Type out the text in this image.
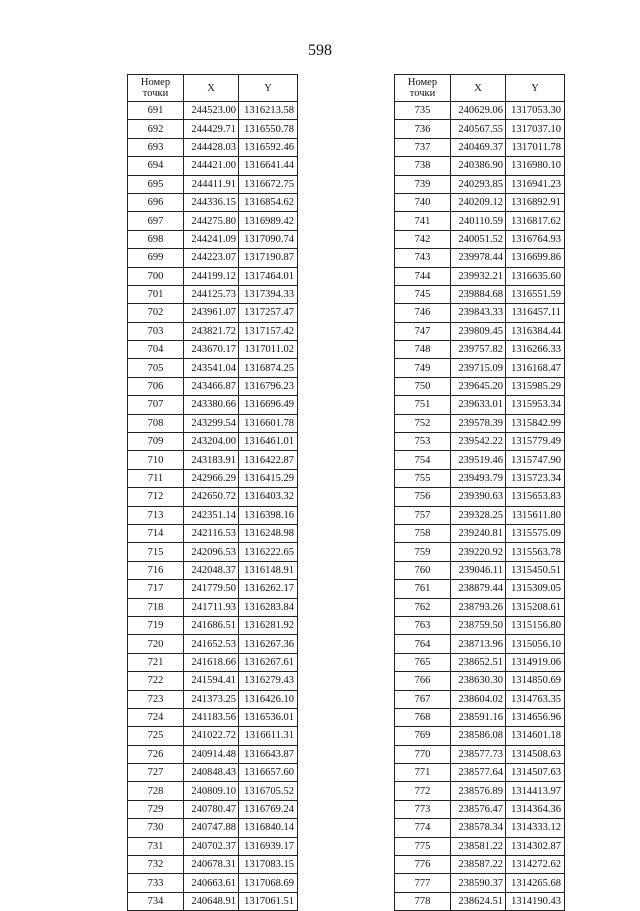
598
Номер
точки	X	Y
691	244523.00	1316213.58
692	244429.71	1316550.78
693	244428.03	1316592.46
694	244421.00	1316641.44
695	244411.91	1316672.75
696	244336.15	1316854.62
697	244275.80	1316989.42
698	244241.09	1317090.74
699	244223.07	1317190.87
700	244199.12	1317464.01
701	244125.73	1317394.33
702	243961.07	1317257.47
703	243821.72	1317157.42
704	243670.17	1317011.02
705	243541.04	1316874.25
706	243466.87	1316796.23
707	243380.66	1316696.49
708	243299.54	1316601.78
709	243204.00	1316461.01
710	243183.91	1316422.87
711	242966.29	1316415.29
712	242650.72	1316403.32
713	242351.14	1316398.16
714	242116.53	1316248.98
715	242096.53	1316222.65
716	242048.37	1316148.91
717	241779.50	1316262.17
718	241711.93	1316283.84
719	241686.51	1316281.92
720	241652.53	1316267.36
721	241618.66	1316267.61
722	241594.41	1316279.43
723	241373.25	1316426.10
724	241183.56	1316536.01
725	241022.72	1316611.31
726	240914.48	1316643.87
727	240848.43	1316657.60
728	240809.10	1316705.52
729	240780.47	1316769.24
730	240747.88	1316840.14
731	240702.37	1316939.17
732	240678.31	1317083.15
733	240663.61	1317068.69
734	240648.91	1317061.51
Номер
точки	X	Y
735	240629.06	1317053.30
736	240567.55	1317037.10
737	240469.37	1317011.78
738	240386.90	1316980.10
739	240293.85	1316941.23
740	240209.12	1316892.91
741	240110.59	1316817.62
742	240051.52	1316764.93
743	239978.44	1316699.86
744	239932.21	1316635.60
745	239884.68	1316551.59
746	239843.33	1316457.11
747	239809.45	1316384.44
748	239757.82	1316266.33
749	239715.09	1316168.47
750	239645.20	1315985.29
751	239633.01	1315953.34
752	239578.39	1315842.99
753	239542.22	1315779.49
754	239519.46	1315747.90
755	239493.79	1315723.34
756	239390.63	1315653.83
757	239328.25	1315611.80
758	239240.81	1315575.09
759	239220.92	1315563.78
760	239046.11	1315450.51
761	238879.44	1315309.05
762	238793.26	1315208.61
763	238759.50	1315156.80
764	238713.96	1315056.10
765	238652.51	1314919.06
766	238630.30	1314850.69
767	238604.02	1314763.35
768	238591.16	1314656.96
769	238586.08	1314601.18
770	238577.73	1314508.63
771	238577.64	1314507.63
772	238576.89	1314413.97
773	238576.47	1314364.36
774	238578.34	1314333.12
775	238581.22	1314302.87
776	238587.22	1314272.62
777	238590.37	1314265.68
778	238624.51	1314190.43
